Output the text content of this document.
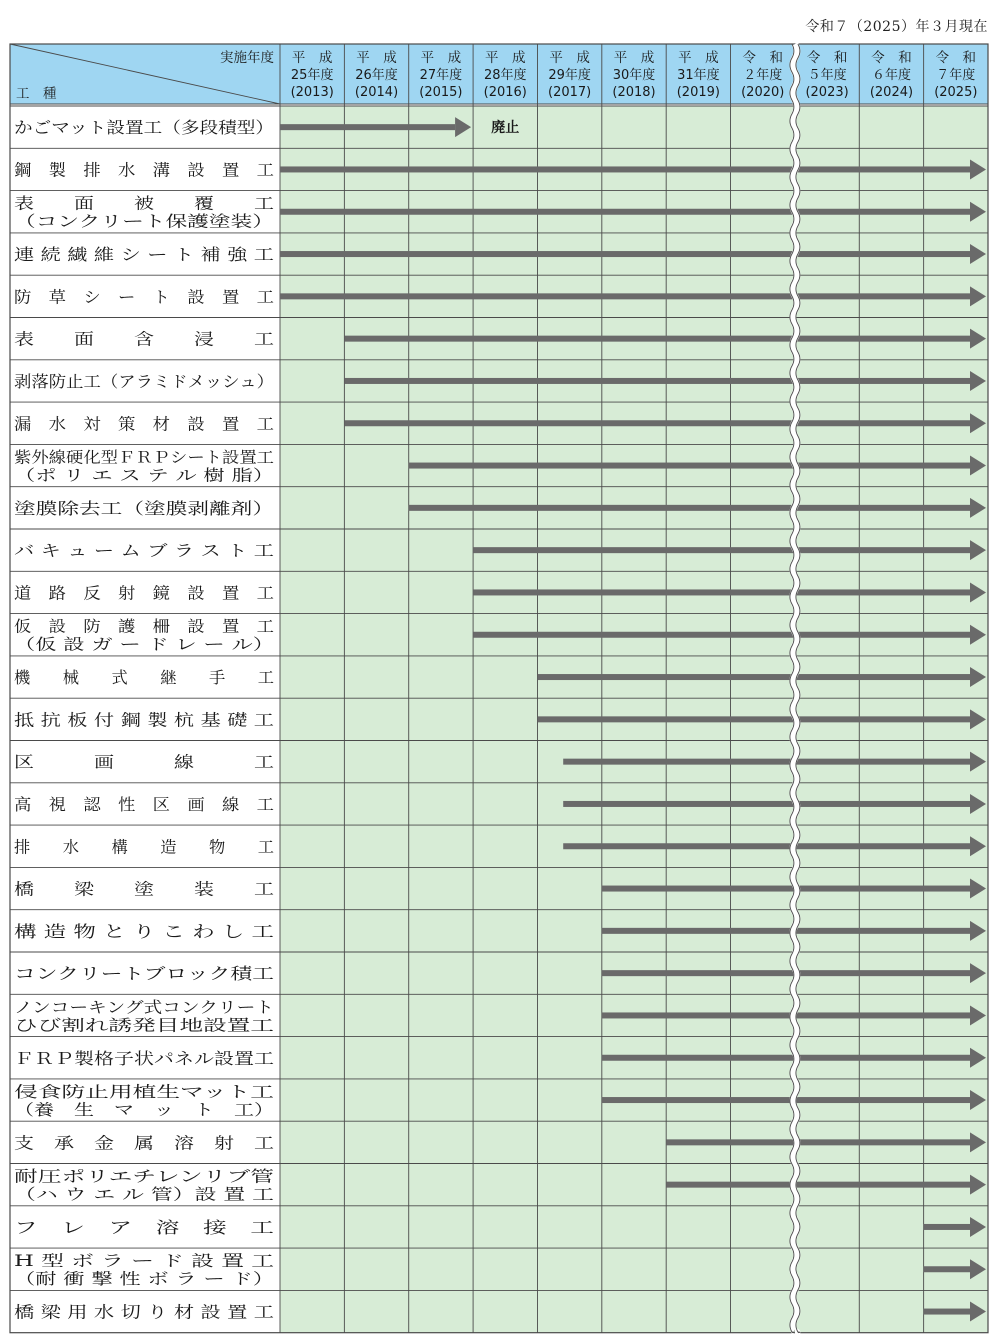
令和７（2025）年３月現在
実施年度
工　種
平　成
25年度
(2013)
平　成
26年度
(2014)
平　成
27年度
(2015)
平　成
28年度
(2016)
平　成
29年度
(2017)
平　成
30年度
(2018)
平　成
31年度
(2019)
令　和
２年度
(2020)
令　和
５年度
(2023)
令　和
６年度
(2024)
令　和
７年度
(2025)
かごマット設置工（多段積型）	廃止
鋼　製　排　水　溝　設　置　工
表　　面　　被　　覆　　工
（コンクリート保護塗装）
連 続 繊 維 シ ー ト 補 強 工
防　草　シ　ー　ト　設　置　工
表　　面　　含　　浸　　工
剥落防止工（アラミドメッシュ）
漏　水　対　策　材　設　置　工
紫外線硬化型ＦＲＰシート設置工
（ポ リ エ ス テ ル 樹 脂）
塗膜除去工（塗膜剥離剤）
バ キ ュ ー ム ブ ラ ス ト 工
道　路　反　射　鏡　設　置　工
仮　設　防　護　柵　設　置　工
（仮 設 ガ ー ド レ ー ル）
機　　械　　式　　継　　手　　工
抵 抗 板 付 鋼 製 杭 基 礎 工
区　　　画　　　線　　　工
高　視　認　性　区　画　線　工
排　　水　　構　　造　　物　　工
橋　　梁　　塗　　装　　工
構 造 物 と り こ わ し 工
コンクリートブロック積工
ノンコーキング式コンクリート
ひび割れ誘発目地設置工
ＦＲＰ製格子状パネル設置工
侵食防止用植生マット工
（養　生　マ　ッ　ト　工）
支　承　金　属　溶　射　工
耐圧ポリエチレンリブ管
（ハ ウ エ ル 管）設 置 工
フ　レ　ア　溶　接　工
H 型 ボ ラ ー ド 設 置 工
（耐 衝 撃 性 ボ ラ ー ド）
橋 梁 用 水 切 り 材 設 置 工
